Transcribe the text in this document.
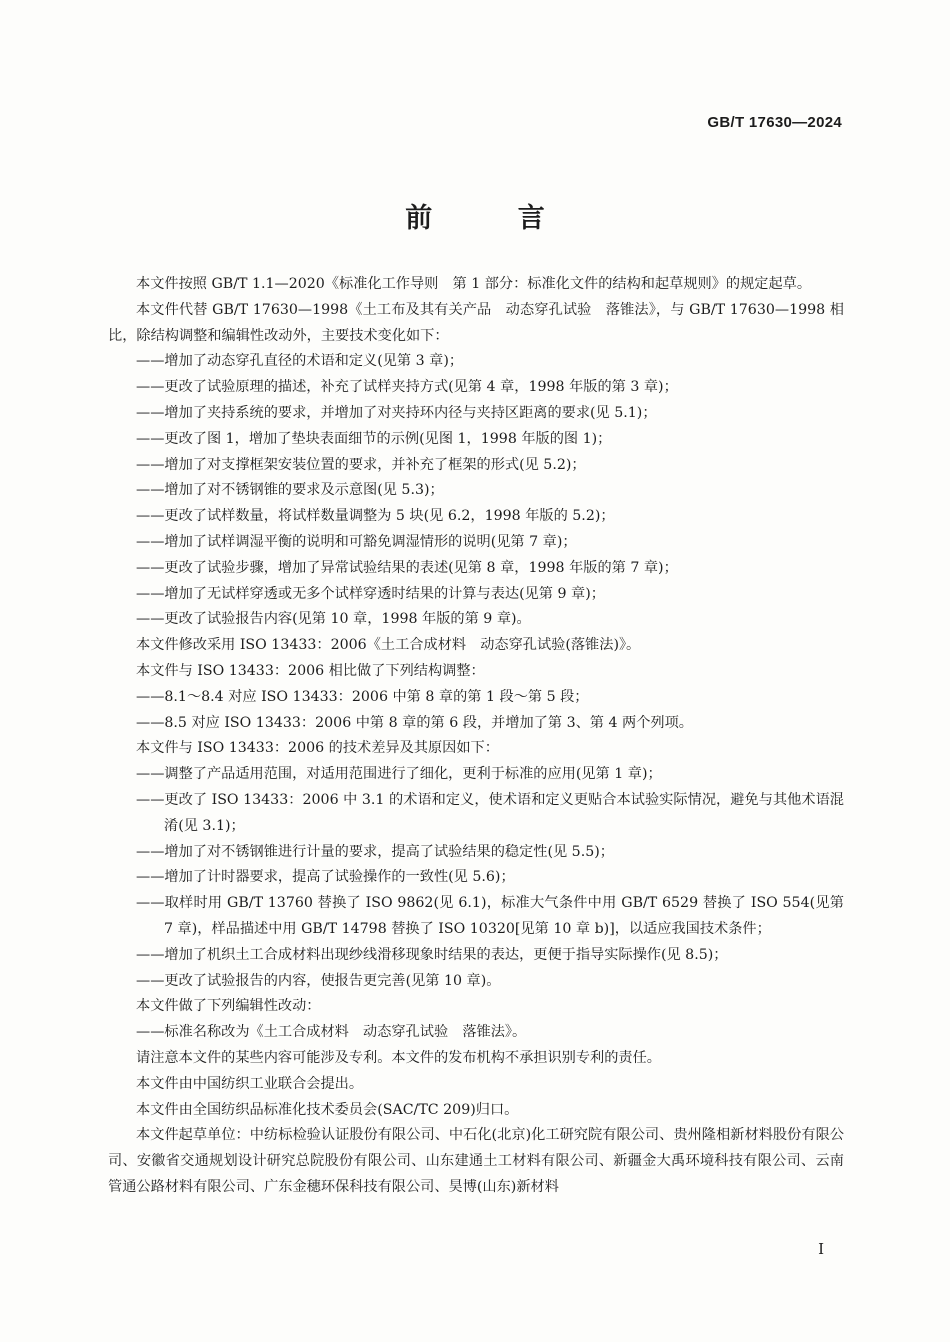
GB/T 17630—2024
前 言

本文件按照 GB/T 1.1—2020《标准化工作导则　第 1 部分：标准化文件的结构和起草规则》的规定起草。

本文件代替 GB/T 17630—1998《土工布及其有关产品　动态穿孔试验　落锥法》，与 GB/T 17630—1998 相比，除结构调整和编辑性改动外，主要技术变化如下：

—— 增加了动态穿孔直径的术语和定义(见第 3 章)；

—— 更改了试验原理的描述，补充了试样夹持方式(见第 4 章，1998 年版的第 3 章)；

—— 增加了夹持系统的要求，并增加了对夹持环内径与夹持区距离的要求(见 5.1)；

—— 更改了图 1，增加了垫块表面细节的示例(见图 1，1998 年版的图 1)；

—— 增加了对支撑框架安装位置的要求，并补充了框架的形式(见 5.2)；

—— 增加了对不锈钢锥的要求及示意图(见 5.3)；

—— 更改了试样数量，将试样数量调整为 5 块(见 6.2，1998 年版的 5.2)；

—— 增加了试样调湿平衡的说明和可豁免调湿情形的说明(见第 7 章)；

—— 更改了试验步骤，增加了异常试验结果的表述(见第 8 章，1998 年版的第 7 章)；

—— 增加了无试样穿透或无多个试样穿透时结果的计算与表达(见第 9 章)；

—— 更改了试验报告内容(见第 10 章，1998 年版的第 9 章)。

本文件修改采用 ISO 13433：2006《土工合成材料　动态穿孔试验(落锥法)》。

本文件与 ISO 13433：2006 相比做了下列结构调整：

—— 8.1～8.4 对应 ISO 13433：2006 中第 8 章的第 1 段～第 5 段；

—— 8.5 对应 ISO 13433：2006 中第 8 章的第 6 段，并增加了第 3、第 4 两个列项。

本文件与 ISO 13433：2006 的技术差异及其原因如下：

—— 调整了产品适用范围，对适用范围进行了细化，更利于标准的应用(见第 1 章)；

—— 更改了 ISO 13433：2006 中 3.1 的术语和定义，使术语和定义更贴合本试验实际情况，避免与其他术语混淆(见 3.1)；

—— 增加了对不锈钢锥进行计量的要求，提高了试验结果的稳定性(见 5.5)；

—— 增加了计时器要求，提高了试验操作的一致性(见 5.6)；

—— 取样时用 GB/T 13760 替换了 ISO 9862(见 6.1)，标准大气条件中用 GB/T 6529 替换了 ISO 554(见第 7 章)，样品描述中用 GB/T 14798 替换了 ISO 10320[见第 10 章 b)]，以适应我国技术条件；

—— 增加了机织土工合成材料出现纱线滑移现象时结果的表达，更便于指导实际操作(见 8.5)；

—— 更改了试验报告的内容，使报告更完善(见第 10 章)。

本文件做了下列编辑性改动：

—— 标准名称改为《土工合成材料　动态穿孔试验　落锥法》。

请注意本文件的某些内容可能涉及专利。本文件的发布机构不承担识别专利的责任。

本文件由中国纺织工业联合会提出。

本文件由全国纺织品标准化技术委员会(SAC/TC 209)归口。

本文件起草单位：中纺标检验认证股份有限公司、中石化(北京)化工研究院有限公司、贵州隆相新材料股份有限公司、安徽省交通规划设计研究总院股份有限公司、山东建通土工材料有限公司、新疆金大禹环境科技有限公司、云南管通公路材料有限公司、广东金穗环保科技有限公司、昊博(山东)新材料

I
